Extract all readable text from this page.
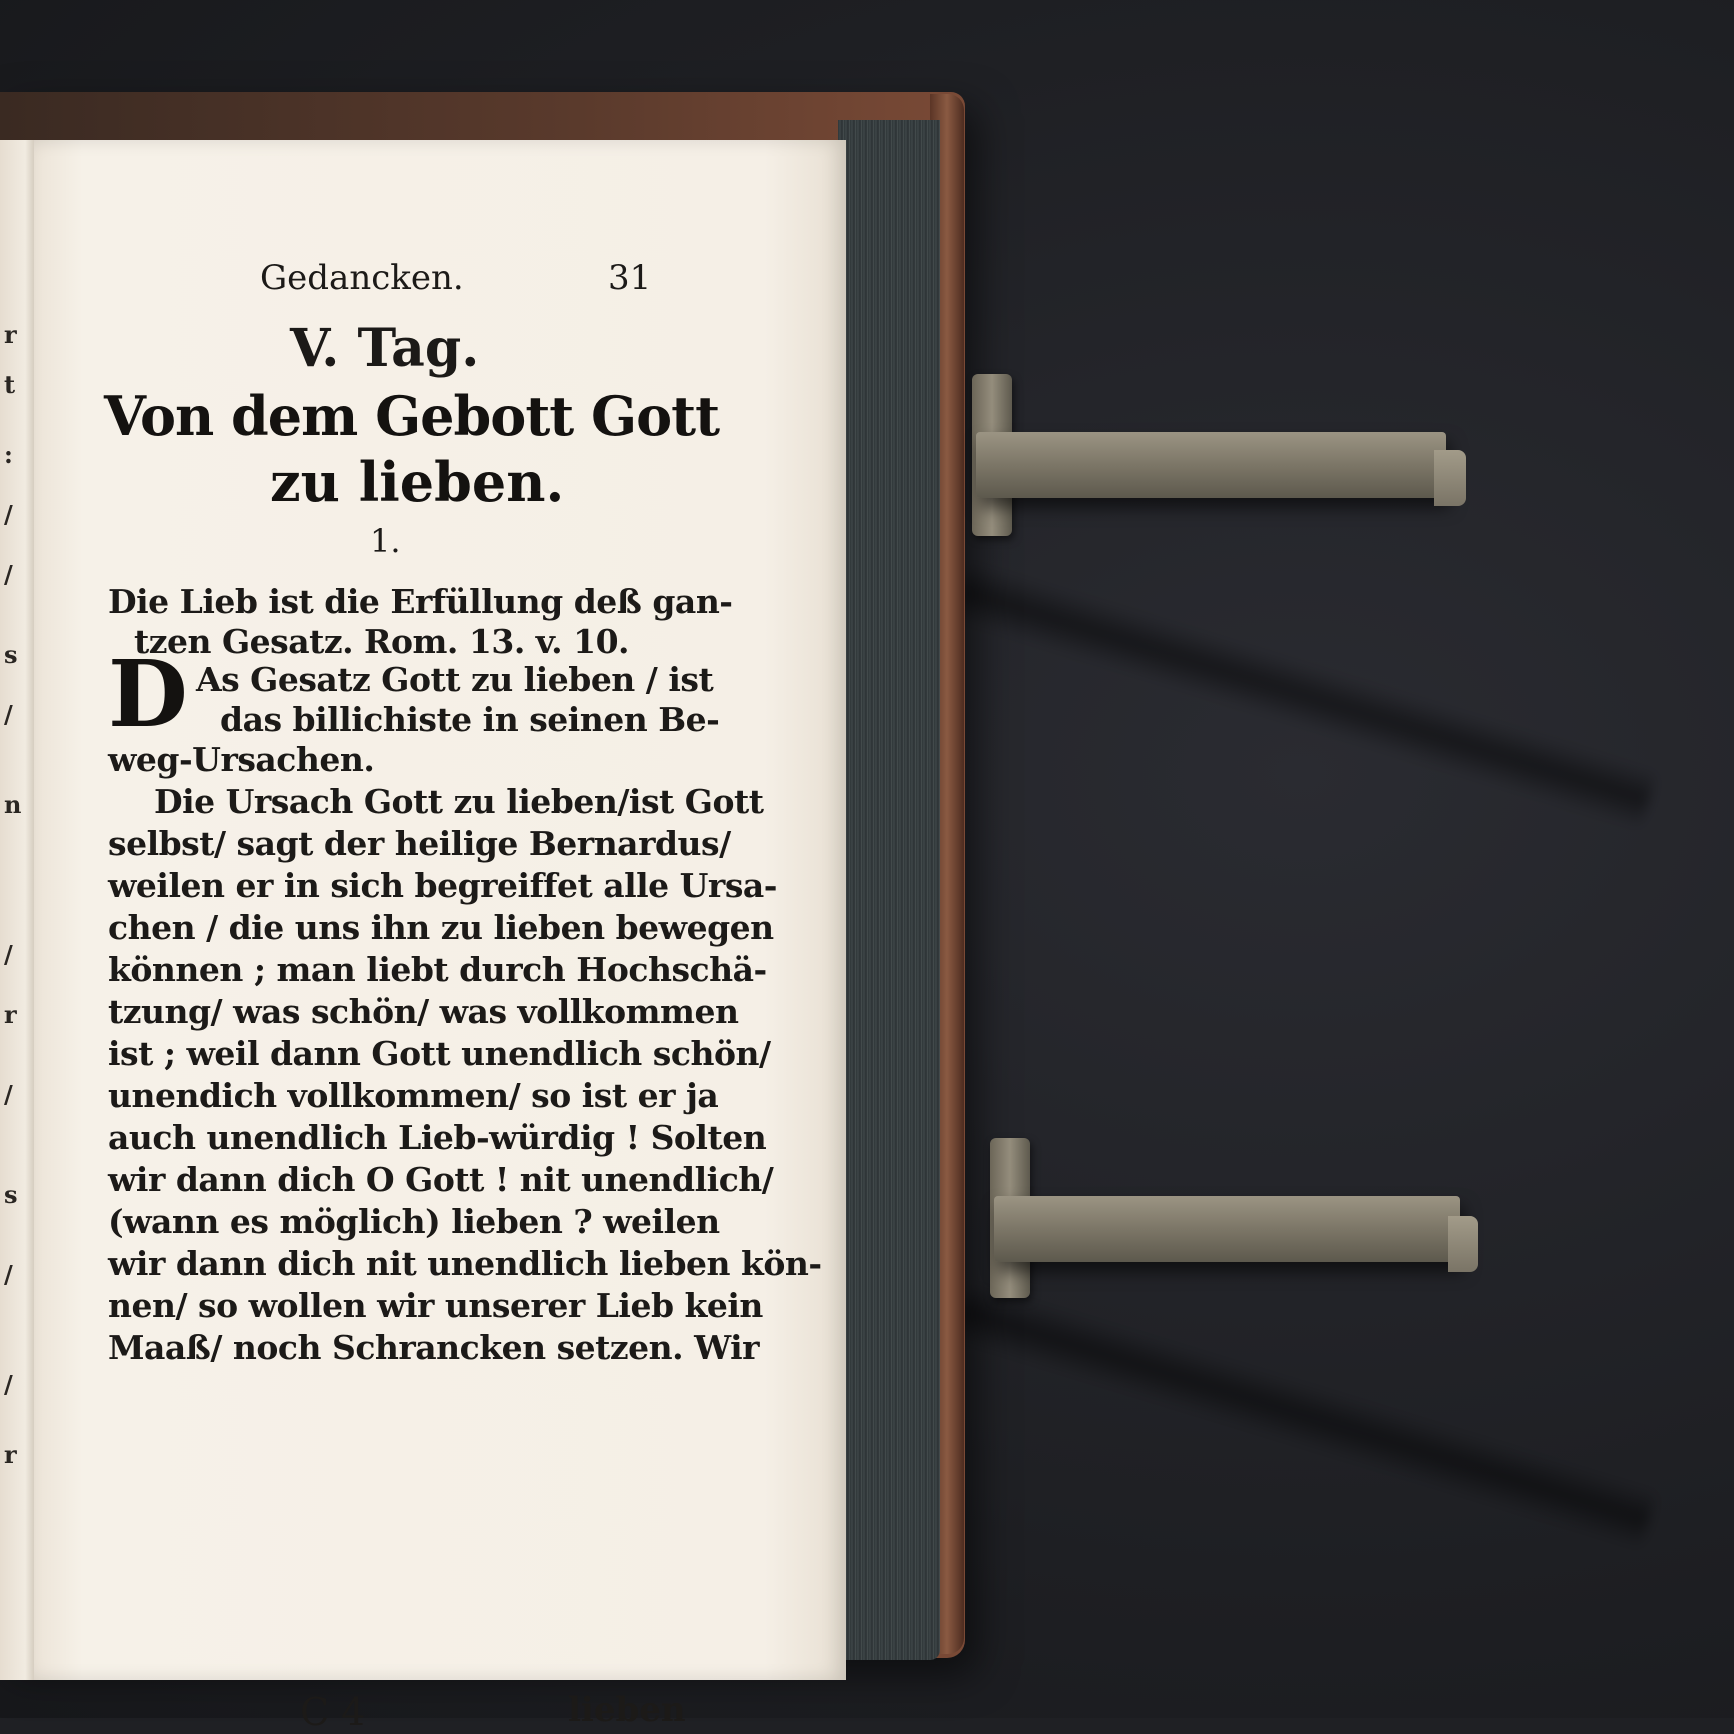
r
t
:
/
/
s
/
n
/
r
/
s
/
/
r
Gedancken.	31
V. Tag.
Von dem Gebott Gott
zu lieben.
1.
Die Lieb ist die Erfüllung deß gan-
tzen Gesatz. Rom. 13. v. 10.
D As Gesatz Gott zu lieben / ist
das billichiste in seinen Be-
weg-Ursachen.
Die Ursach Gott zu lieben/ist Gott
selbst/ sagt der heilige Bernardus/
weilen er in sich begreiffet alle Ursa-
chen / die uns ihn zu lieben bewegen
können ; man liebt durch Hochschä-
tzung/ was schön/ was vollkommen
ist ; weil dann Gott unendlich schön/
unendich vollkommen/ so ist er ja
auch unendlich Lieb-würdig ! Solten
wir dann dich O Gott ! nit unendlich/
(wann es möglich) lieben ? weilen
wir dann dich nit unendlich lieben kön-
nen/ so wollen wir unserer Lieb kein
Maaß/ noch Schrancken setzen. Wir
C 4	lieben
